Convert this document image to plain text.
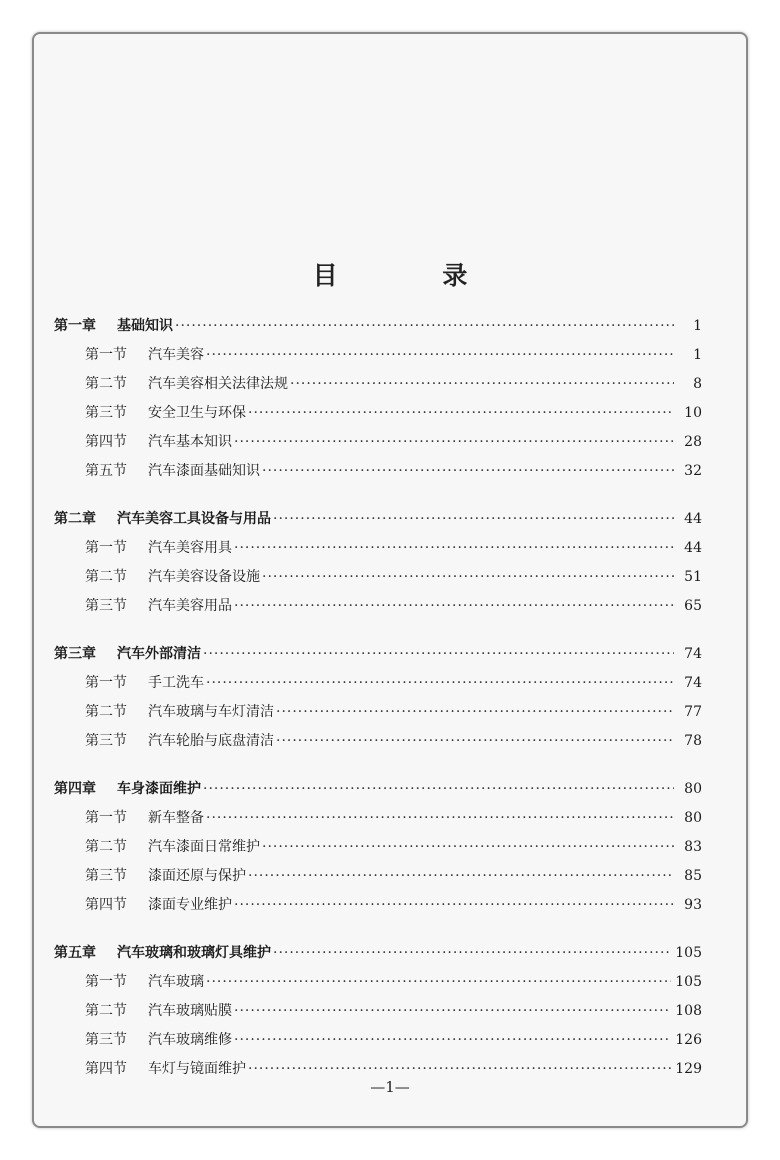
目 录
第一章	基础知识 ·····	1
第一节	汽车美容 ·····	1
第二节	汽车美容相关法律法规 ·····	8
第三节	安全卫生与环保 ·····	10
第四节	汽车基本知识 ·····	28
第五节	汽车漆面基础知识 ·····	32
第二章	汽车美容工具设备与用品 ·····	44
第一节	汽车美容用具 ·····	44
第二节	汽车美容设备设施 ·····	51
第三节	汽车美容用品 ·····	65
第三章	汽车外部清洁 ·····	74
第一节	手工洗车 ·····	74
第二节	汽车玻璃与车灯清洁 ·····	77
第三节	汽车轮胎与底盘清洁 ·····	78
第四章	车身漆面维护 ·····	80
第一节	新车整备 ·····	80
第二节	汽车漆面日常维护 ·····	83
第三节	漆面还原与保护 ·····	85
第四节	漆面专业维护 ·····	93
第五章	汽车玻璃和玻璃灯具维护 ·····	105
第一节	汽车玻璃 ·····	105
第二节	汽车玻璃贴膜 ·····	108
第三节	汽车玻璃维修 ·····	126
第四节	车灯与镜面维护 ·····	129
—1—
